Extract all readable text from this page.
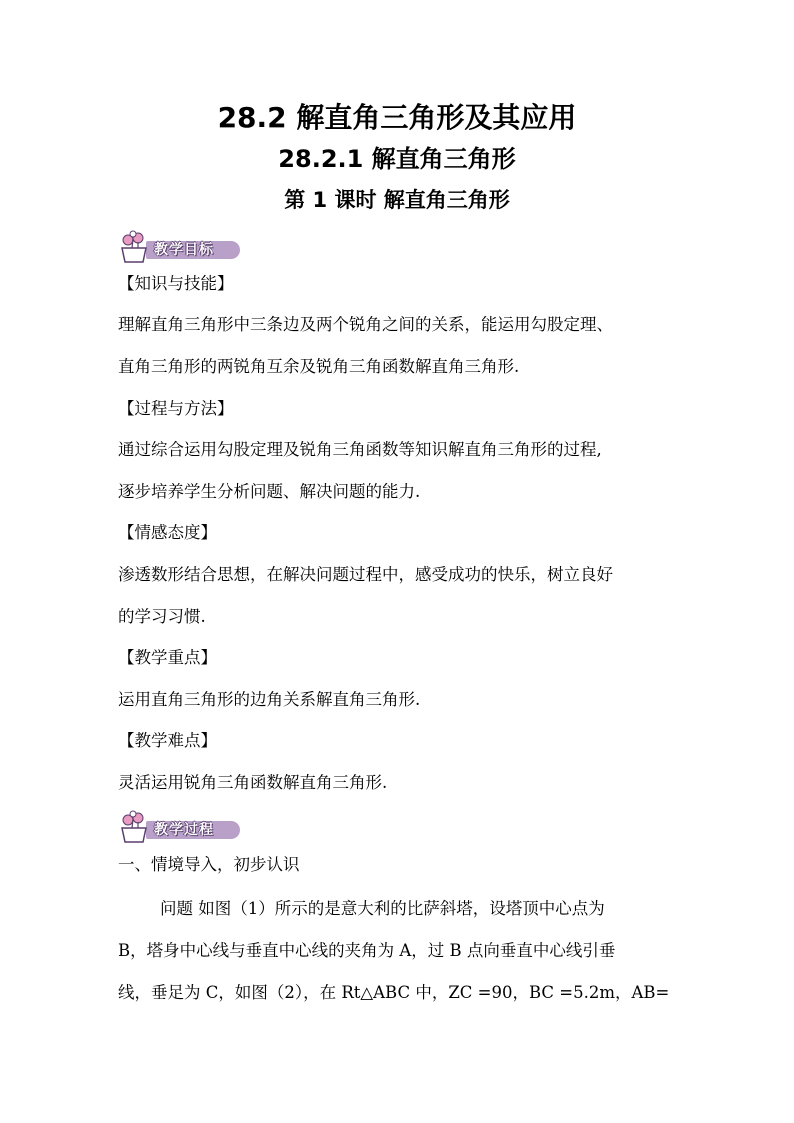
28.2 解直角三角形及其应用
28.2.1 解直角三角形
第 1 课时 解直角三角形
教学目标
【知识与技能】
理解直角三角形中三条边及两个锐角之间的关系，能运用勾股定理、
直角三角形的两锐角互余及锐角三角函数解直角三角形.
【过程与方法】
通过综合运用勾股定理及锐角三角函数等知识解直角三角形的过程,
逐步培养学生分析问题、解决问题的能力.
【情感态度】
渗透数形结合思想，在解决问题过程中，感受成功的快乐，树立良好
的学习习惯.
【教学重点】
运用直角三角形的边角关系解直角三角形.
【教学难点】
灵活运用锐角三角函数解直角三角形.
教学过程
一、情境导入，初步认识
问题 如图（1）所示的是意大利的比萨斜塔，设塔顶中心点为
B，塔身中心线与垂直中心线的夹角为 A，过 B 点向垂直中心线引垂
线，垂足为 C，如图（2），在 Rt△ABC 中，ZC =90，BC =5.2m，AB=
